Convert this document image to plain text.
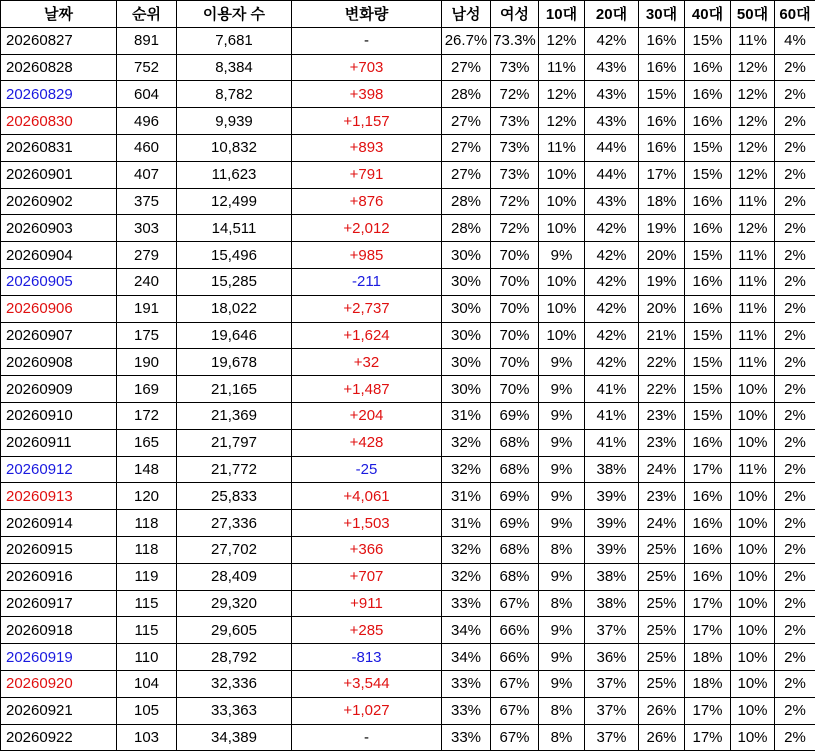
날짜	순위	이용자 수	변화량	남성	여성	10대	20대	30대	40대	50대	60대
20260827	891	7,681	-	26.7%	73.3%	12%	42%	16%	15%	11%	4%
20260828	752	8,384	+703	27%	73%	11%	43%	16%	16%	12%	2%
20260829	604	8,782	+398	28%	72%	12%	43%	15%	16%	12%	2%
20260830	496	9,939	+1,157	27%	73%	12%	43%	16%	16%	12%	2%
20260831	460	10,832	+893	27%	73%	11%	44%	16%	15%	12%	2%
20260901	407	11,623	+791	27%	73%	10%	44%	17%	15%	12%	2%
20260902	375	12,499	+876	28%	72%	10%	43%	18%	16%	11%	2%
20260903	303	14,511	+2,012	28%	72%	10%	42%	19%	16%	12%	2%
20260904	279	15,496	+985	30%	70%	9%	42%	20%	15%	11%	2%
20260905	240	15,285	-211	30%	70%	10%	42%	19%	16%	11%	2%
20260906	191	18,022	+2,737	30%	70%	10%	42%	20%	16%	11%	2%
20260907	175	19,646	+1,624	30%	70%	10%	42%	21%	15%	11%	2%
20260908	190	19,678	+32	30%	70%	9%	42%	22%	15%	11%	2%
20260909	169	21,165	+1,487	30%	70%	9%	41%	22%	15%	10%	2%
20260910	172	21,369	+204	31%	69%	9%	41%	23%	15%	10%	2%
20260911	165	21,797	+428	32%	68%	9%	41%	23%	16%	10%	2%
20260912	148	21,772	-25	32%	68%	9%	38%	24%	17%	11%	2%
20260913	120	25,833	+4,061	31%	69%	9%	39%	23%	16%	10%	2%
20260914	118	27,336	+1,503	31%	69%	9%	39%	24%	16%	10%	2%
20260915	118	27,702	+366	32%	68%	8%	39%	25%	16%	10%	2%
20260916	119	28,409	+707	32%	68%	9%	38%	25%	16%	10%	2%
20260917	115	29,320	+911	33%	67%	8%	38%	25%	17%	10%	2%
20260918	115	29,605	+285	34%	66%	9%	37%	25%	17%	10%	2%
20260919	110	28,792	-813	34%	66%	9%	36%	25%	18%	10%	2%
20260920	104	32,336	+3,544	33%	67%	9%	37%	25%	18%	10%	2%
20260921	105	33,363	+1,027	33%	67%	8%	37%	26%	17%	10%	2%
20260922	103	34,389	-	33%	67%	8%	37%	26%	17%	10%	2%
